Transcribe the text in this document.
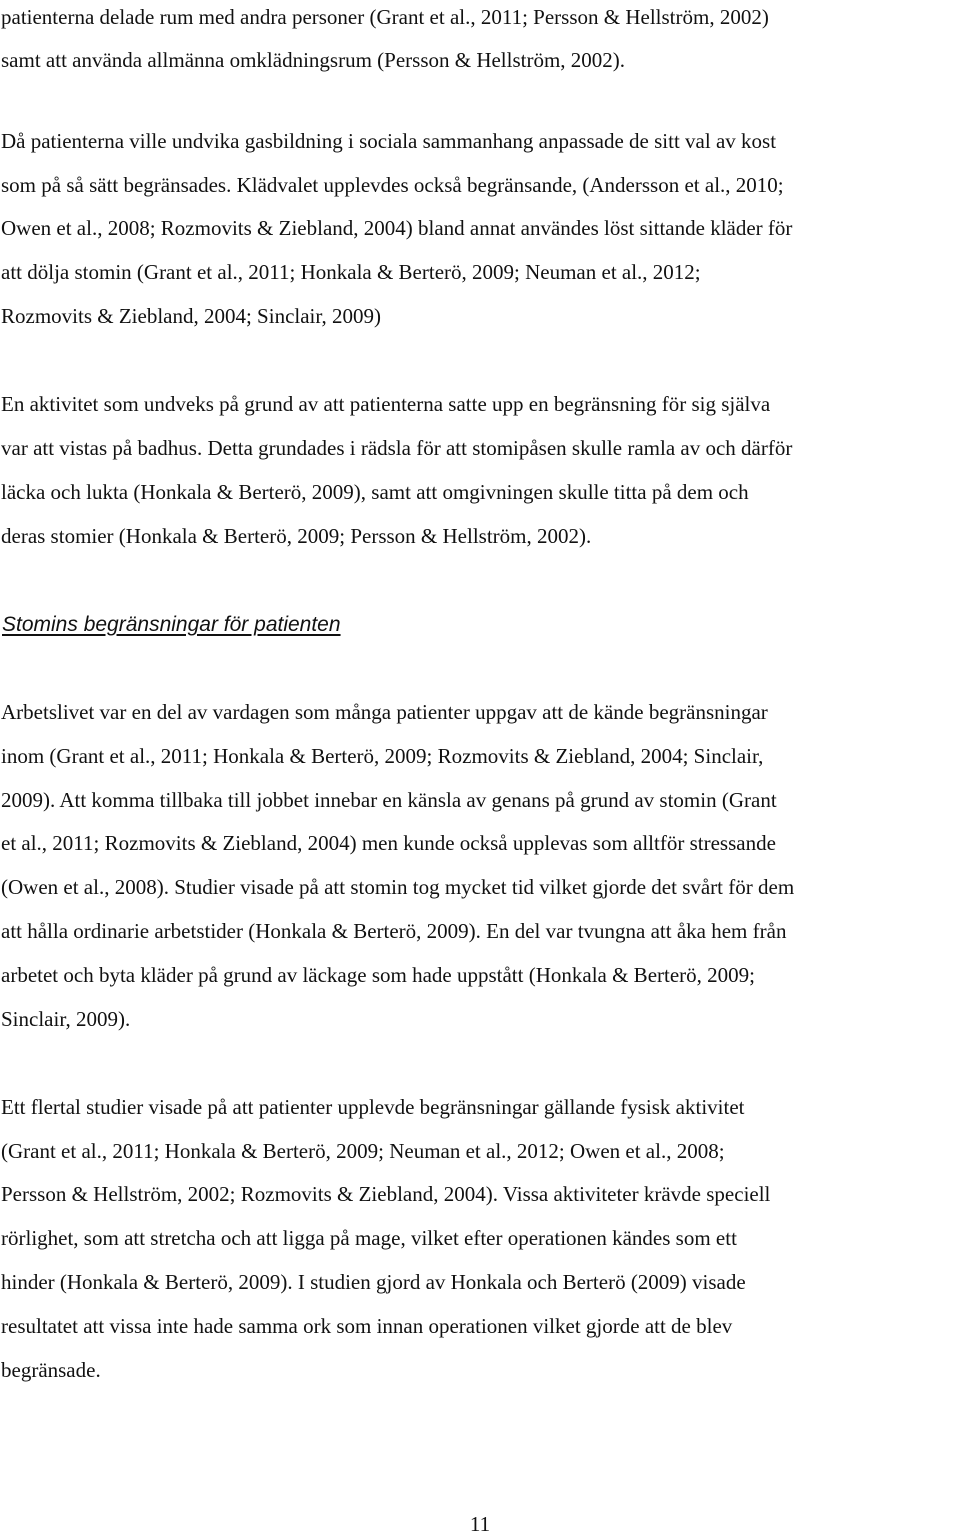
patienterna delade rum med andra personer (Grant et al., 2011; Persson & Hellström, 2002)
samt att använda allmänna omklädningsrum (Persson & Hellström, 2002).
Då patienterna ville undvika gasbildning i sociala sammanhang anpassade de sitt val av kost
som på så sätt begränsades. Klädvalet upplevdes också begränsande, (Andersson et al., 2010;
Owen et al., 2008; Rozmovits & Ziebland, 2004) bland annat användes löst sittande kläder för
att dölja stomin (Grant et al., 2011; Honkala & Berterö, 2009; Neuman et al., 2012;
Rozmovits & Ziebland, 2004; Sinclair, 2009)
En aktivitet som undveks på grund av att patienterna satte upp en begränsning för sig själva
var att vistas på badhus. Detta grundades i rädsla för att stomipåsen skulle ramla av och därför
läcka och lukta (Honkala & Berterö, 2009), samt att omgivningen skulle titta på dem och
deras stomier (Honkala & Berterö, 2009; Persson & Hellström, 2002).
Stomins begränsningar för patienten
Arbetslivet var en del av vardagen som många patienter uppgav att de kände begränsningar
inom (Grant et al., 2011; Honkala & Berterö, 2009; Rozmovits & Ziebland, 2004; Sinclair,
2009). Att komma tillbaka till jobbet innebar en känsla av genans på grund av stomin (Grant
et al., 2011; Rozmovits & Ziebland, 2004) men kunde också upplevas som alltför stressande
(Owen et al., 2008). Studier visade på att stomin tog mycket tid vilket gjorde det svårt för dem
att hålla ordinarie arbetstider (Honkala & Berterö, 2009). En del var tvungna att åka hem från
arbetet och byta kläder på grund av läckage som hade uppstått (Honkala & Berterö, 2009;
Sinclair, 2009).
Ett flertal studier visade på att patienter upplevde begränsningar gällande fysisk aktivitet
(Grant et al., 2011; Honkala & Berterö, 2009; Neuman et al., 2012; Owen et al., 2008;
Persson & Hellström, 2002; Rozmovits & Ziebland, 2004). Vissa aktiviteter krävde speciell
rörlighet, som att stretcha och att ligga på mage, vilket efter operationen kändes som ett
hinder (Honkala & Berterö, 2009). I studien gjord av Honkala och Berterö (2009) visade
resultatet att vissa inte hade samma ork som innan operationen vilket gjorde att de blev
begränsade.
11
